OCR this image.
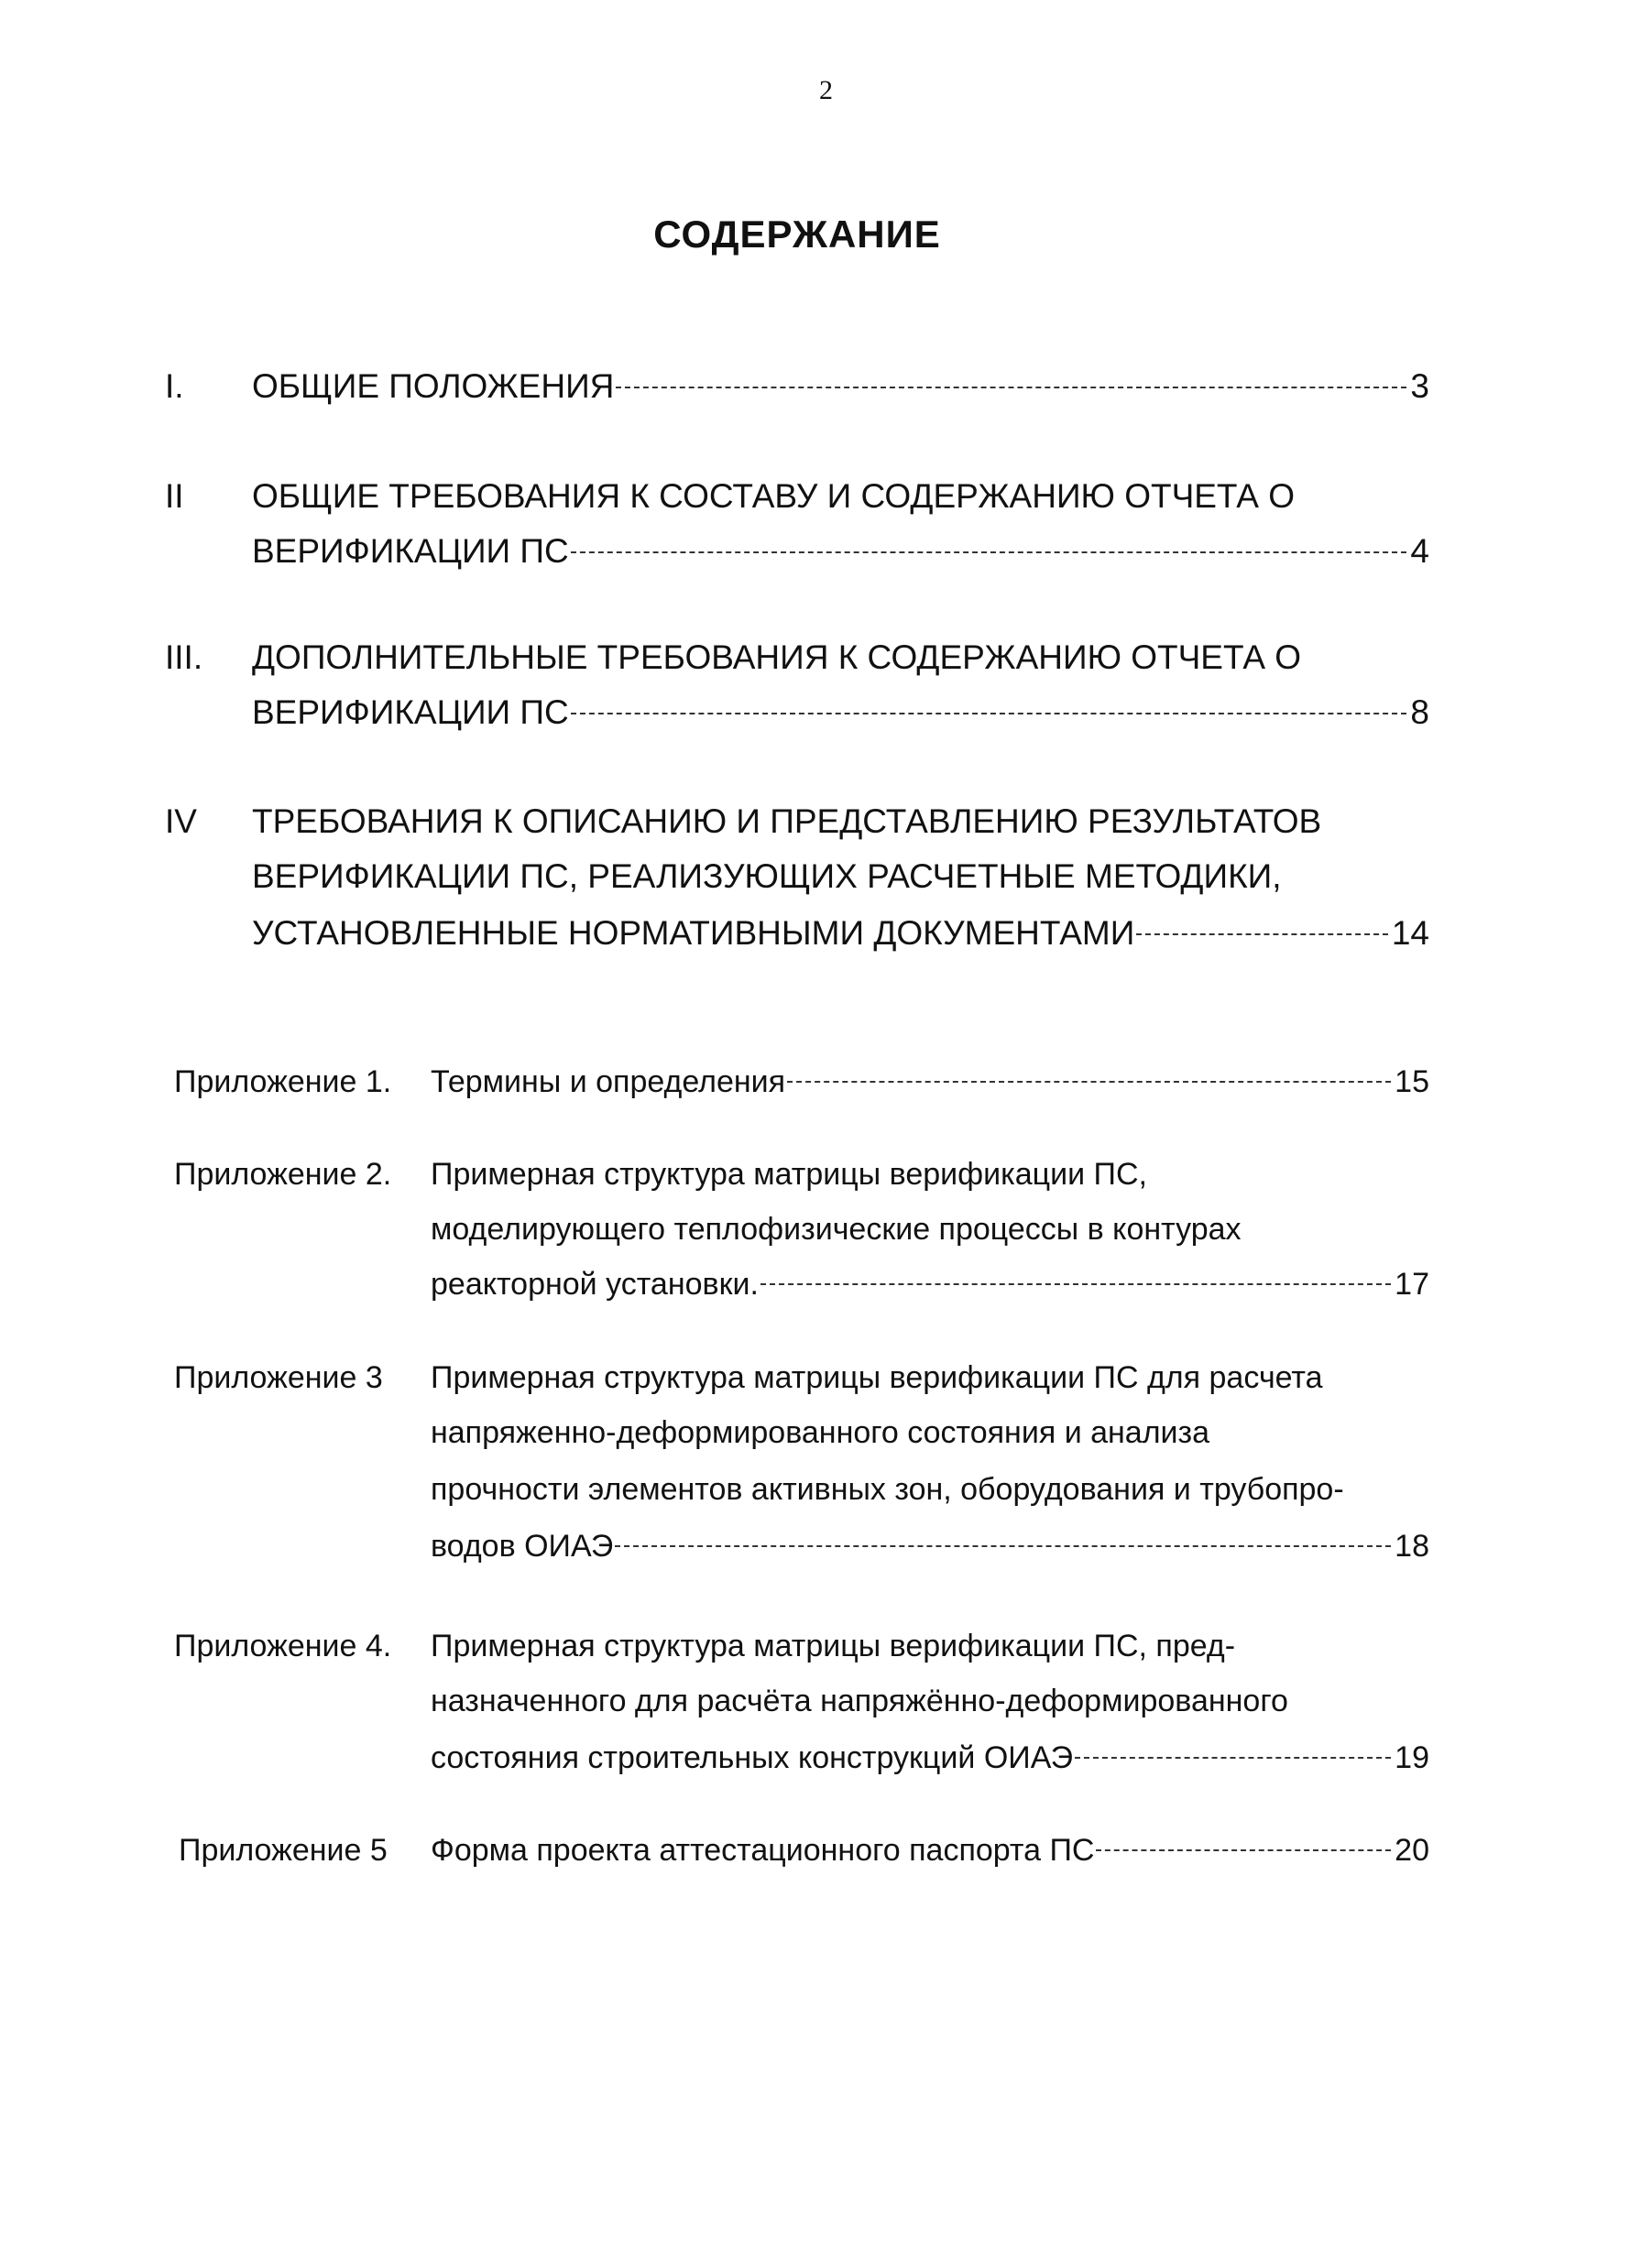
2
СОДЕРЖАНИЕ
I. ОБЩИЕ ПОЛОЖЕНИЯ	3
II ОБЩИЕ ТРЕБОВАНИЯ К СОСТАВУ И СОДЕРЖАНИЮ ОТЧЕТА О
ВЕРИФИКАЦИИ ПС	4
III. ДОПОЛНИТЕЛЬНЫЕ ТРЕБОВАНИЯ К СОДЕРЖАНИЮ ОТЧЕТА О
ВЕРИФИКАЦИИ ПС	8
IV ТРЕБОВАНИЯ К ОПИСАНИЮ И ПРЕДСТАВЛЕНИЮ РЕЗУЛЬТАТОВ
ВЕРИФИКАЦИИ ПС, РЕАЛИЗУЮЩИХ РАСЧЕТНЫЕ МЕТОДИКИ,
УСТАНОВЛЕННЫЕ НОРМАТИВНЫМИ ДОКУМЕНТАМИ	14
Приложение 1. Термины и определения	15
Приложение 2. Примерная структура матрицы верификации ПС,
моделирующего теплофизические процессы в контурах
реакторной установки.	17
Приложение 3 Примерная структура матрицы верификации ПС для расчета
напряженно-деформированного состояния и анализа
прочности элементов активных зон, оборудования и трубопро-
водов ОИАЭ	18
Приложение 4. Примерная структура матрицы верификации ПС, пред-
назначенного для расчёта напряжённо-деформированного
состояния строительных конструкций ОИАЭ	19
Приложение 5 Форма проекта аттестационного паспорта ПС	20
